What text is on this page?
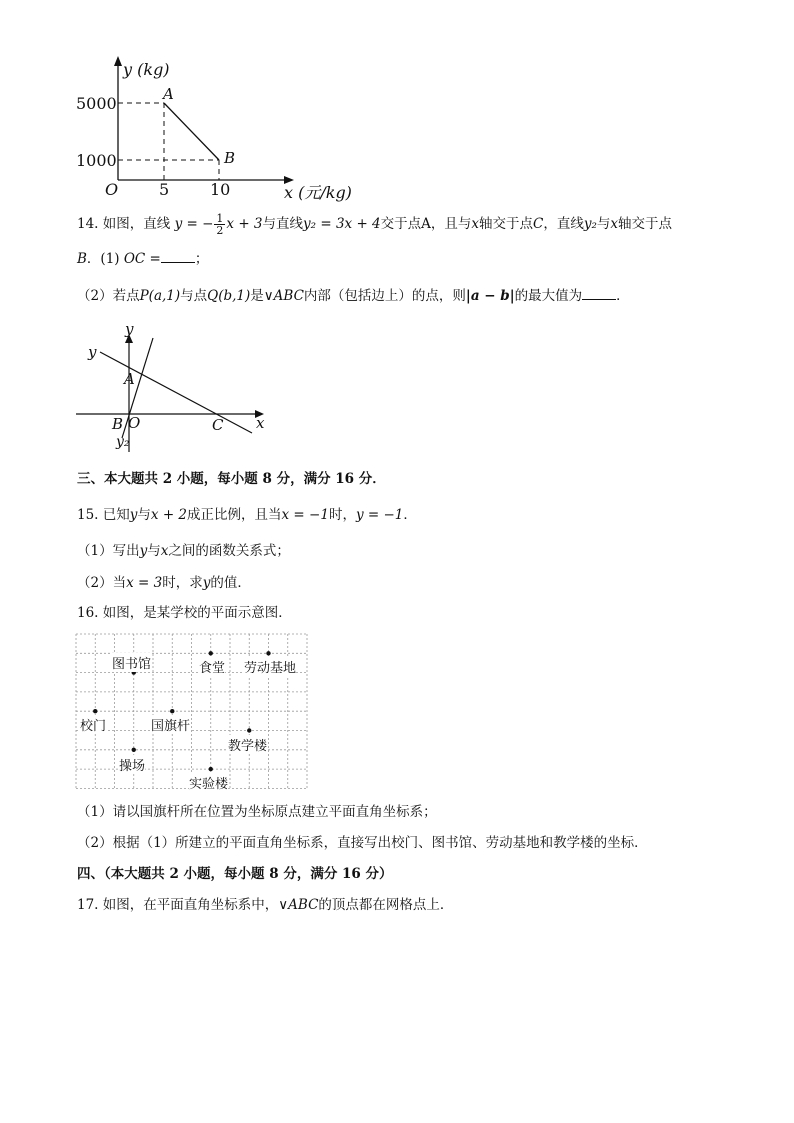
y (kg)
5000
1000
O	5	10	x (元/kg)
A
B
14. 如图，直线 y = − $\frac{1}{2}$ x + 3与直线y₂ = 3x + 4交于点A，且与x轴交于点C，直线y₂与x轴交于点
B．(1) OC =	；
（2）若点P(a,1)与点Q(b,1)是∨ABC内部（包括边上）的点，则|a − b|的最大值为	．
y
y
A
B O	C x
y₂
三、本大题共 2 小题，每小题 8 分，满分 16 分．
15. 已知y与x + 2成正比例，且当x = −1时，y = −1．
（1）写出y与x之间的函数关系式；
（2）当x = 3时，求y的值．
16. 如图，是某学校的平面示意图．
图书馆	食堂 劳动基地
校门	国旗杆
教学楼
操场
实验楼
（1）请以国旗杆所在位置为坐标原点建立平面直角坐标系；
（2）根据（1）所建立的平面直角坐标系，直接写出校门、图书馆、劳动基地和教学楼的坐标．
四、（本大题共 2 小题，每小题 8 分，满分 16 分）
17. 如图，在平面直角坐标系中，∨ABC的顶点都在网格点上．
